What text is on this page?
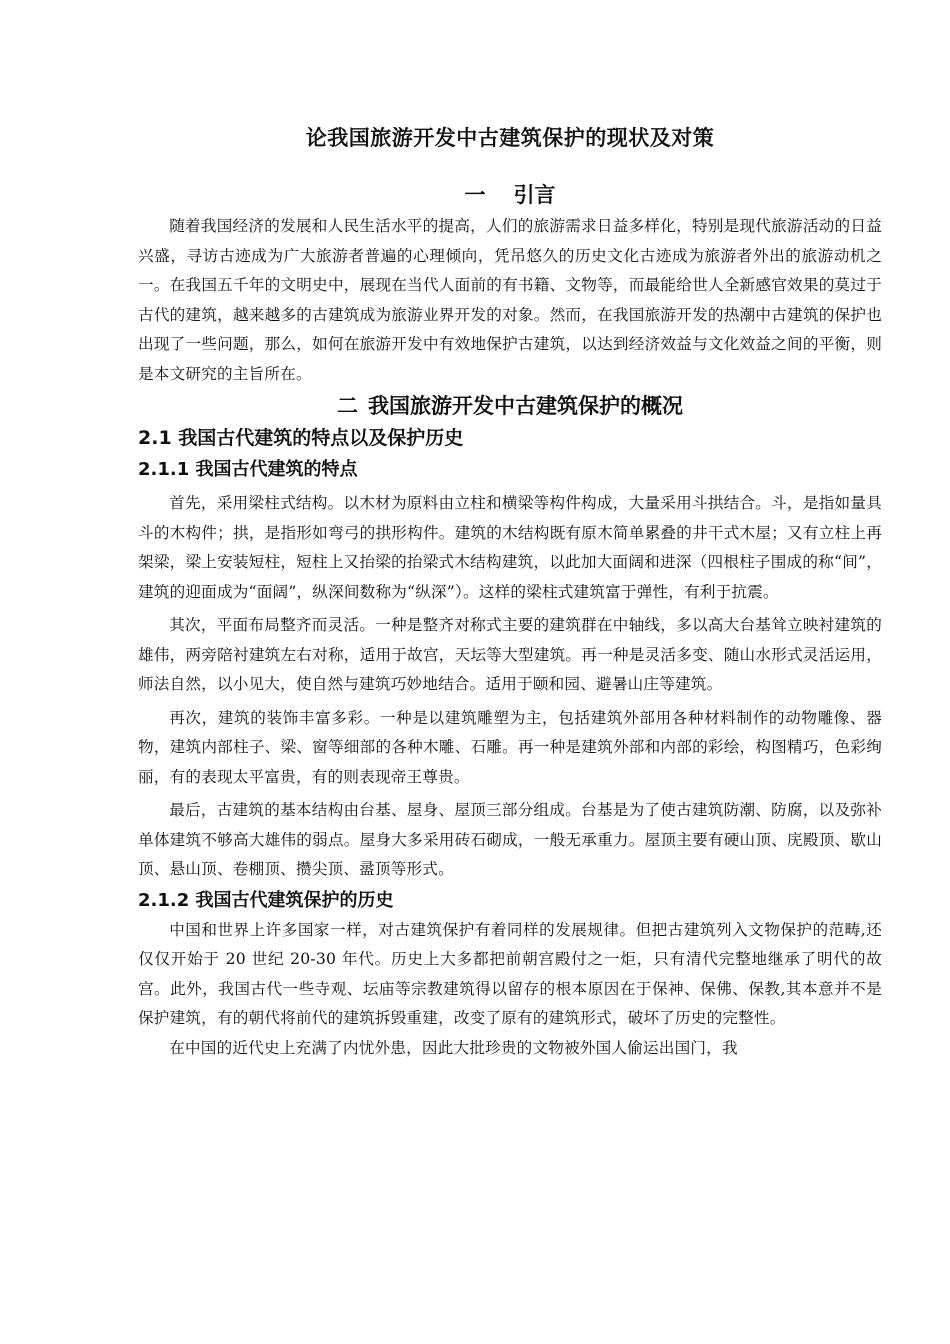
论我国旅游开发中古建筑保护的现状及对策
一 引言

随着我国经济的发展和人民生活水平的提高，人们的旅游需求日益多样化，特别是现代旅游活动的日益兴盛，寻访古迹成为广大旅游者普遍的心理倾向，凭吊悠久的历史文化古迹成为旅游者外出的旅游动机之一。在我国五千年的文明史中，展现在当代人面前的有书籍、文物等，而最能给世人全新感官效果的莫过于古代的建筑，越来越多的古建筑成为旅游业界开发的对象。然而，在我国旅游开发的热潮中古建筑的保护也出现了一些问题，那么，如何在旅游开发中有效地保护古建筑，以达到经济效益与文化效益之间的平衡，则是本文研究的主旨所在。

二 我国旅游开发中古建筑保护的概况
2.1 我国古代建筑的特点以及保护历史
2.1.1 我国古代建筑的特点

首先，采用梁柱式结构。以木材为原料由立柱和横梁等构件构成，大量采用斗拱结合。斗，是指如量具斗的木构件；拱，是指形如弯弓的拱形构件。建筑的木结构既有原木简单累叠的井干式木屋；又有立柱上再架梁，梁上安装短柱，短柱上又抬梁的抬梁式木结构建筑，以此加大面阔和进深（四根柱子围成的称“间”，建筑的迎面成为“面阔”，纵深间数称为“纵深”）。这样的梁柱式建筑富于弹性，有利于抗震。

其次，平面布局整齐而灵活。一种是整齐对称式主要的建筑群在中轴线，多以高大台基耸立映衬建筑的雄伟，两旁陪衬建筑左右对称，适用于故宫，天坛等大型建筑。再一种是灵活多变、随山水形式灵活运用，师法自然，以小见大，使自然与建筑巧妙地结合。适用于颐和园、避暑山庄等建筑。

再次，建筑的装饰丰富多彩。一种是以建筑雕塑为主，包括建筑外部用各种材料制作的动物雕像、器物，建筑内部柱子、梁、窗等细部的各种木雕、石雕。再一种是建筑外部和内部的彩绘，构图精巧，色彩绚丽，有的表现太平富贵，有的则表现帝王尊贵。

最后，古建筑的基本结构由台基、屋身、屋顶三部分组成。台基是为了使古建筑防潮、防腐，以及弥补单体建筑不够高大雄伟的弱点。屋身大多采用砖石砌成，一般无承重力。屋顶主要有硬山顶、庑殿顶、歇山顶、悬山顶、卷棚顶、攒尖顶、盝顶等形式。

2.1.2 我国古代建筑保护的历史

中国和世界上许多国家一样，对古建筑保护有着同样的发展规律。但把古建筑列入文物保护的范畴,还仅仅开始于 20 世纪 20-30 年代。历史上大多都把前朝宫殿付之一炬，只有清代完整地继承了明代的故宫。此外，我国古代一些寺观、坛庙等宗教建筑得以留存的根本原因在于保神、保佛、保教,其本意并不是保护建筑，有的朝代将前代的建筑拆毁重建，改变了原有的建筑形式，破坏了历史的完整性。

在中国的近代史上充满了内忧外患，因此大批珍贵的文物被外国人偷运出国门，我
